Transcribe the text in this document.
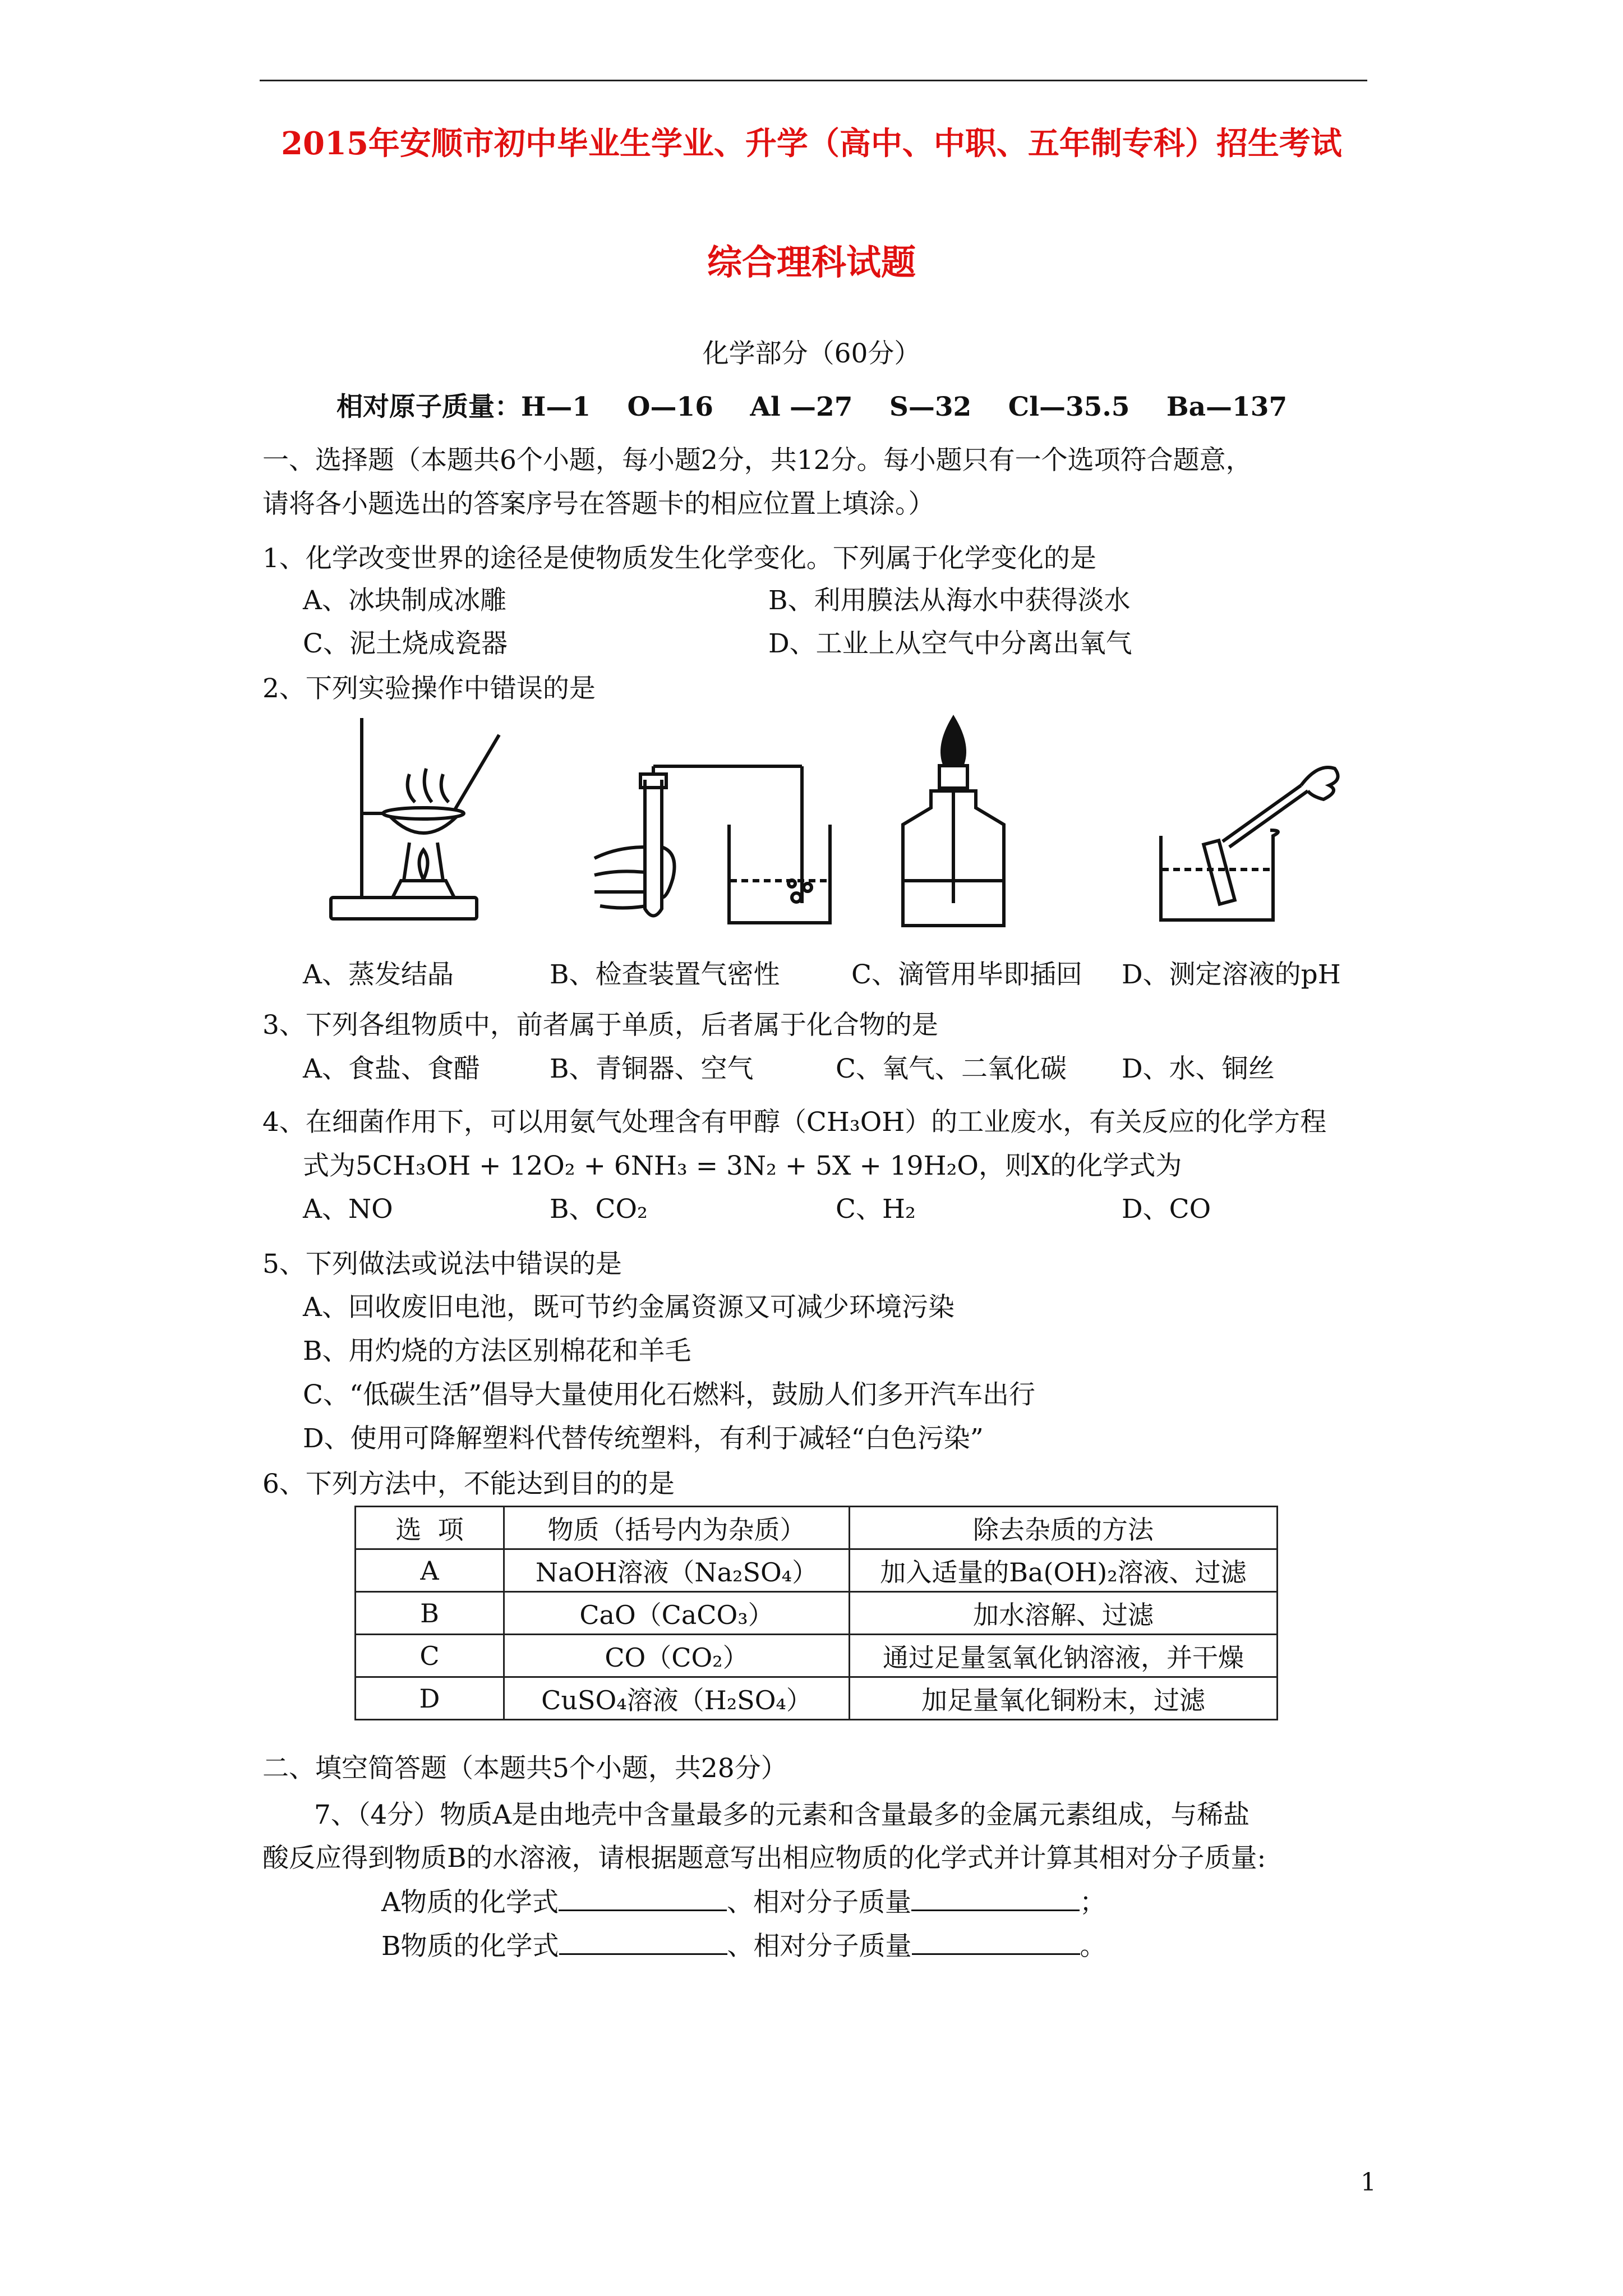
2015年安顺市初中毕业生学业、升学（高中、中职、五年制专科）招生考试
综合理科试题
化学部分（60分）
相对原子质量：H—1    O—16    Al —27    S—32    Cl—35.5    Ba—137
一、选择题（本题共6个小题，每小题2分，共12分。每小题只有一个选项符合题意，
请将各小题选出的答案序号在答题卡的相应位置上填涂。）
1、化学改变世界的途径是使物质发生化学变化。下列属于化学变化的是
A、冰块制成冰雕	B、利用膜法从海水中获得淡水
C、泥土烧成瓷器	D、工业上从空气中分离出氧气
2、下列实验操作中错误的是
A、蒸发结晶	B、检查装置气密性	C、滴管用毕即插回 D、测定溶液的pH
3、下列各组物质中，前者属于单质，后者属于化合物的是
A、食盐、食醋	B、青铜器、空气	C、氧气、二氧化碳 D、水、铜丝
4、在细菌作用下，可以用氨气处理含有甲醇（CH₃OH）的工业废水，有关反应的化学方程
式为5CH₃OH + 12O₂ + 6NH₃ = 3N₂ + 5X + 19H₂O，则X的化学式为
A、NO	B、CO₂	C、H₂	D、CO
5、下列做法或说法中错误的是
A、回收废旧电池，既可节约金属资源又可减少环境污染
B、用灼烧的方法区别棉花和羊毛
C、“低碳生活”倡导大量使用化石燃料，鼓励人们多开汽车出行
D、使用可降解塑料代替传统塑料，有利于减轻“白色污染”
6、下列方法中，不能达到目的的是
选  项	物质（括号内为杂质）	除去杂质的方法
A	NaOH溶液（Na₂SO₄）	加入适量的Ba(OH)₂溶液、过滤
B	CaO（CaCO₃）	加水溶解、过滤
C	CO（CO₂）	通过足量氢氧化钠溶液，并干燥
D	CuSO₄溶液（H₂SO₄）	加足量氧化铜粉末，过滤
二、填空简答题（本题共5个小题，共28分）
7、（4分）物质A是由地壳中含量最多的元素和含量最多的金属元素组成，与稀盐
酸反应得到物质B的水溶液，请根据题意写出相应物质的化学式并计算其相对分子质量:
A物质的化学式	、相对分子质量	；
B物质的化学式	、相对分子质量	。
1
